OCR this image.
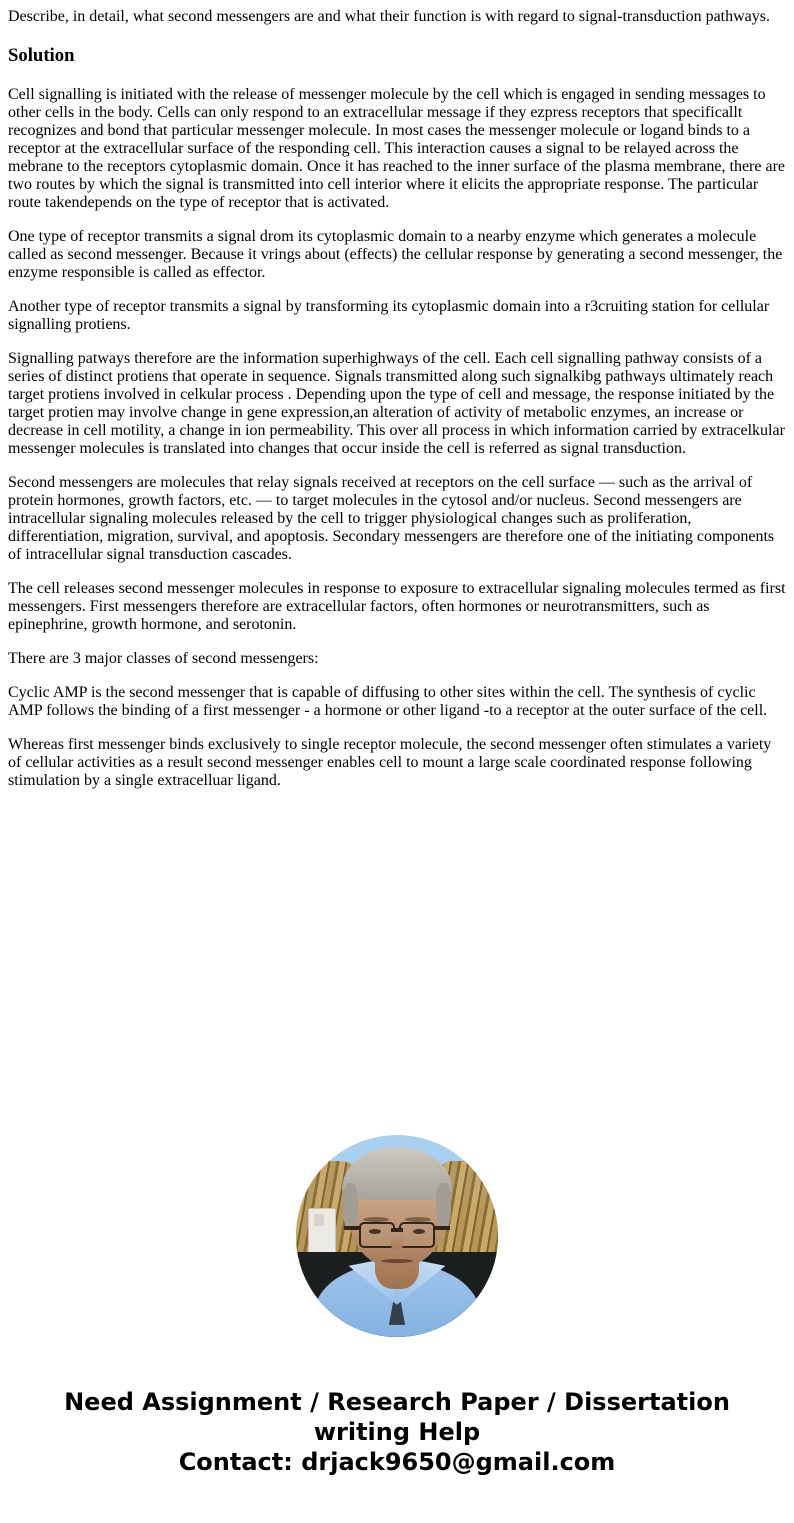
Describe, in detail, what second messengers are and what their function is with regard to signal-transduction pathways.

Solution

Cell signalling is initiated with the release of messenger molecule by the cell which is engaged in sending messages to other cells in the body. Cells can only respond to an extracellular message if they ezpress receptors that specificallt recognizes and bond that particular messenger molecule. In most cases the messenger molecule or logand binds to a receptor at the extracellular surface of the responding cell. This interaction causes a signal to be relayed across the mebrane to the receptors cytoplasmic domain. Once it has reached to the inner surface of the plasma membrane, there are two routes by which the signal is transmitted into cell interior where it elicits the appropriate response. The particular route takendepends on the type of receptor that is activated.

One type of receptor transmits a signal drom its cytoplasmic domain to a nearby enzyme which generates a molecule called as second messenger. Because it vrings about (effects) the cellular response by generating a second messenger, the enzyme responsible is called as effector.

Another type of receptor transmits a signal by transforming its cytoplasmic domain into a r3cruiting station for cellular signalling protiens.

Signalling patways therefore are the information superhighways of the cell. Each cell signalling pathway consists of a series of distinct protiens that operate in sequence. Signals transmitted along such signalkibg pathways ultimately reach target protiens involved in celkular process . Depending upon the type of cell and message, the response initiated by the target protien may involve change in gene expression,an alteration of activity of metabolic enzymes, an increase or decrease in cell motility, a change in ion permeability. This over all process in which information carried by extracelkular messenger molecules is translated into changes that occur inside the cell is referred as signal transduction.

Second messengers are molecules that relay signals received at receptors on the cell surface — such as the arrival of protein hormones, growth factors, etc. — to target molecules in the cytosol and/or nucleus. Second messengers are intracellular signaling molecules released by the cell to trigger physiological changes such as proliferation, differentiation, migration, survival, and apoptosis. Secondary messengers are therefore one of the initiating components of intracellular signal transduction cascades.

The cell releases second messenger molecules in response to exposure to extracellular signaling molecules termed as first messengers. First messengers therefore are extracellular factors, often hormones or neurotransmitters, such as epinephrine, growth hormone, and serotonin.

There are 3 major classes of second messengers:

Cyclic AMP is the second messenger that is capable of diffusing to other sites within the cell. The synthesis of cyclic AMP follows the binding of a first messenger - a hormone or other ligand -to a receptor at the outer surface of the cell.

Whereas first messenger binds exclusively to single receptor molecule, the second messenger often stimulates a variety of cellular activities as a result second messenger enables cell to mount a large scale coordinated response following stimulation by a single extracelluar ligand.

Need Assignment / Research Paper / Dissertation writing Help
Contact: drjack9650@gmail.com
